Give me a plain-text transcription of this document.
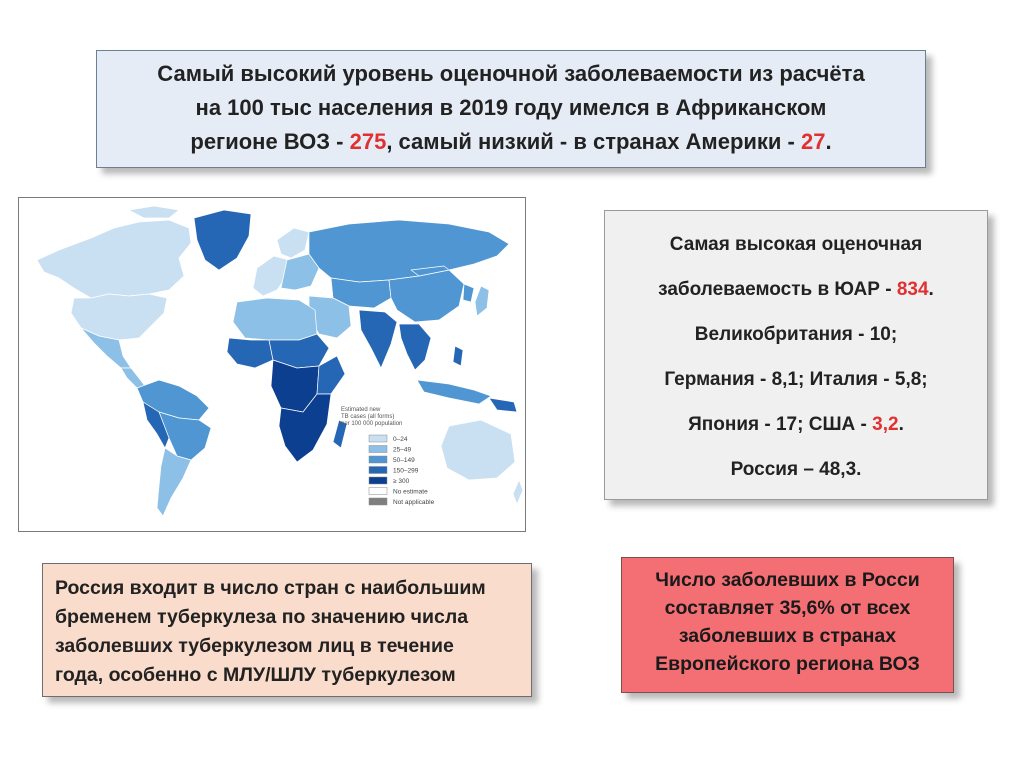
Самый высокий уровень оценочной заболеваемости из расчёта
на 100 тыс населения в 2019 году имелся в Африканском
регионе ВОЗ - 275, самый низкий - в странах Америки - 27.
Estimated new
TB cases (all forms)
per 100 000 population
0–24
25–49
50–149
150–299
≥ 300
No estimate
Not applicable
Самая высокая оценочная
заболеваемость в ЮАР - 834.
Великобритания - 10;
Германия - 8,1; Италия - 5,8;
Япония - 17; США - 3,2.
Россия – 48,3.
Россия входит в число стран с наибольшим
бременем туберкулеза по значению числа
заболевших туберкулезом лиц в течение
года, особенно с МЛУ/ШЛУ туберкулезом
Число заболевших в Росси
составляет 35,6% от всех
заболевших в странах
Европейского региона ВОЗ
